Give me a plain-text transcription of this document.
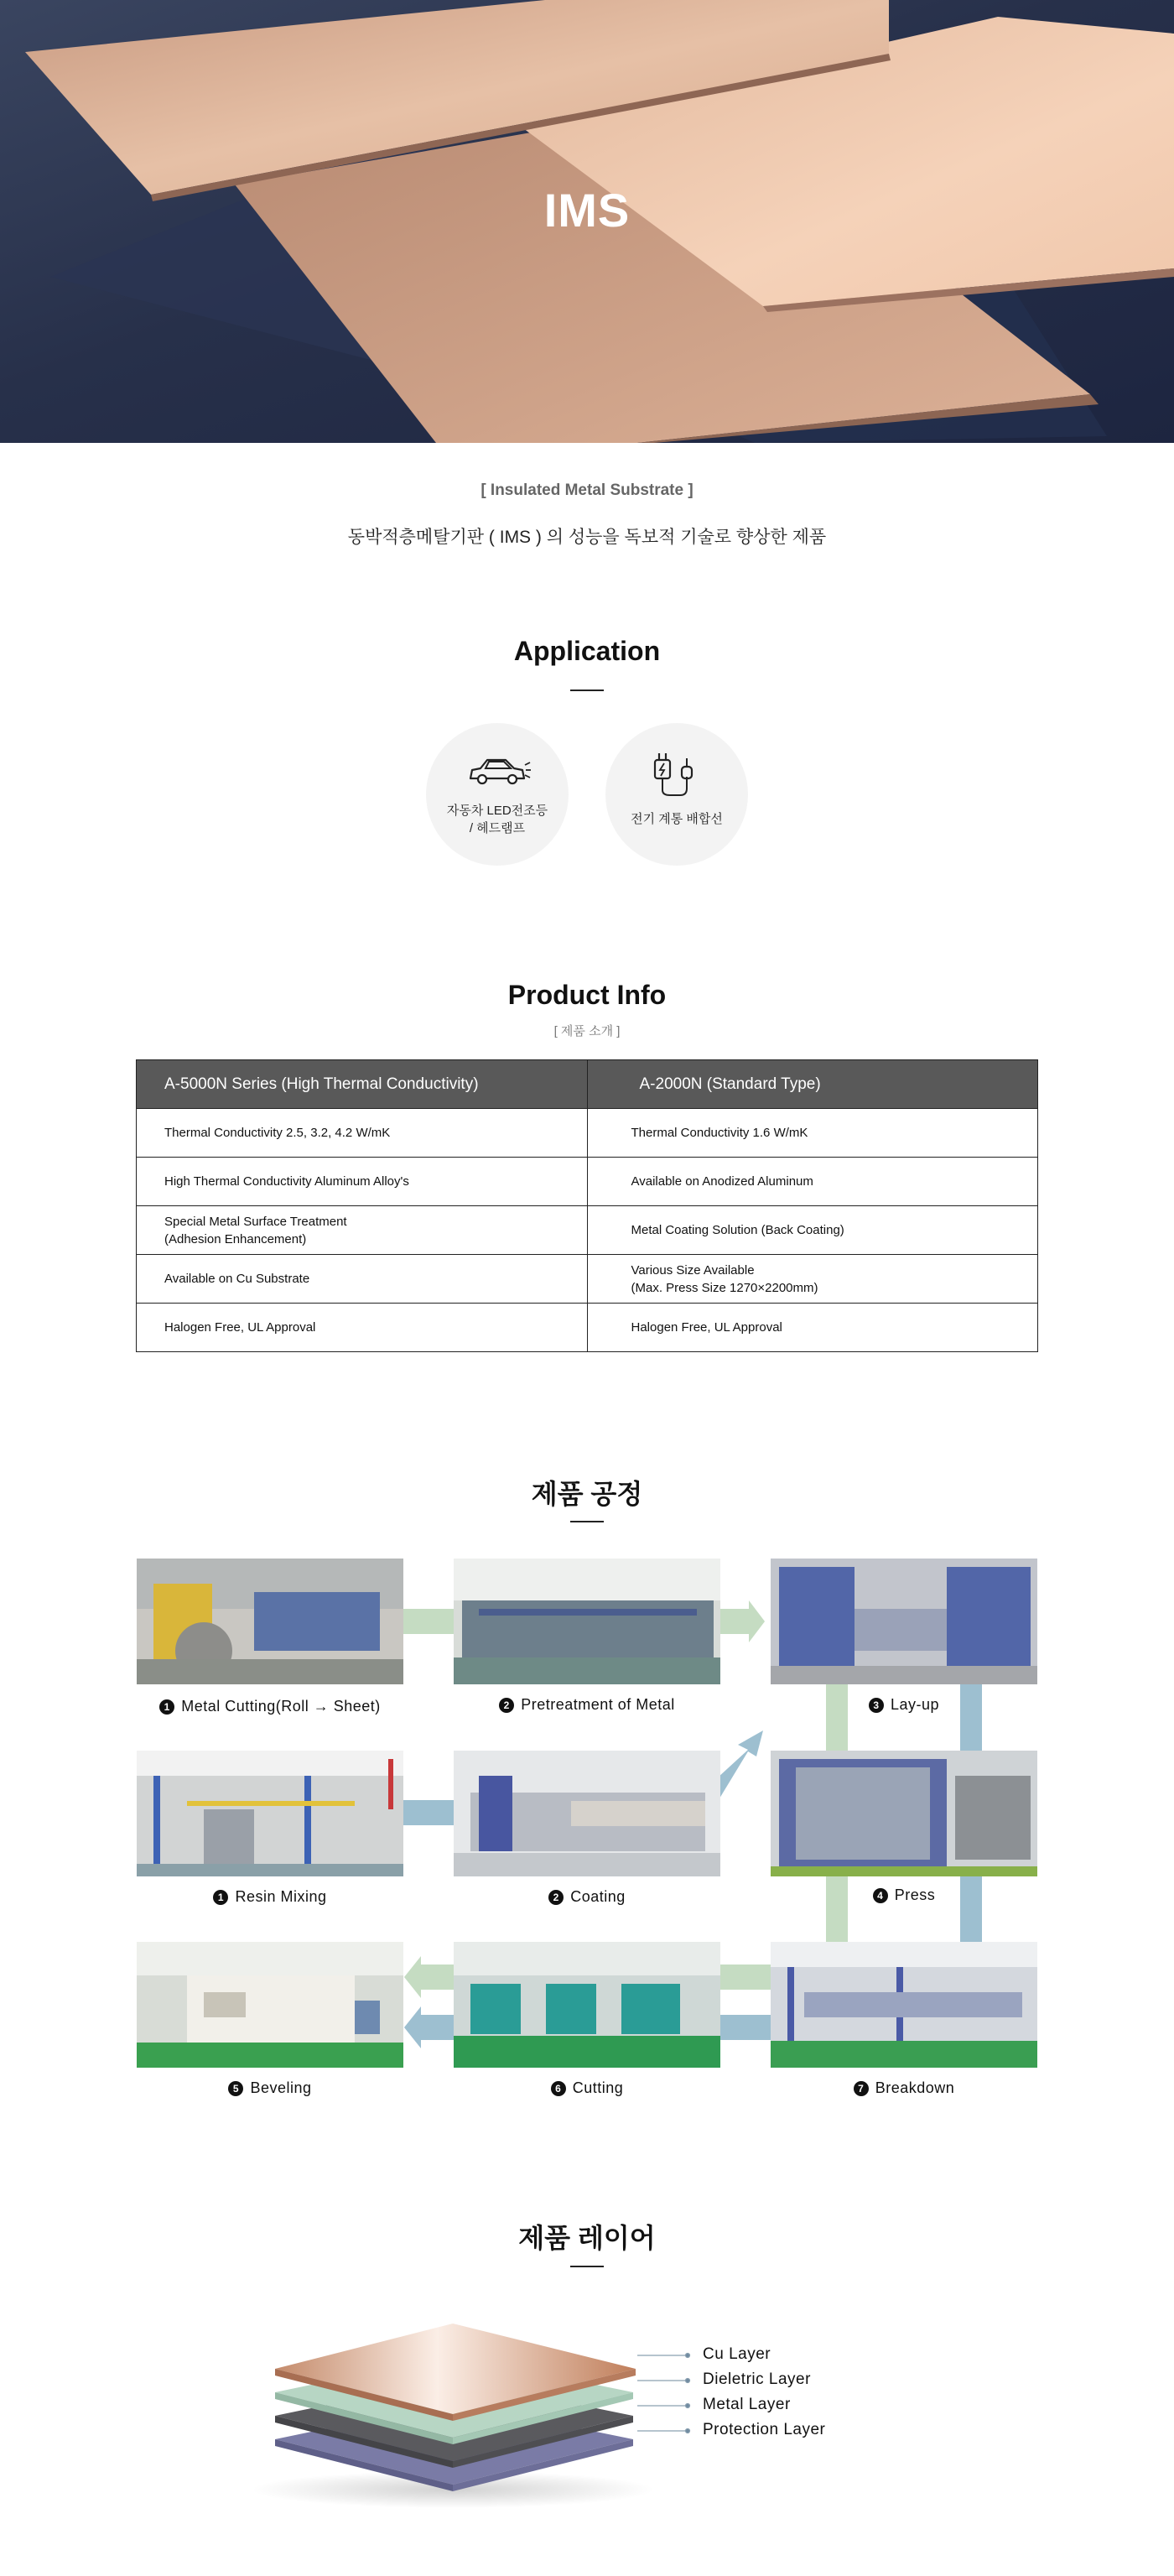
IMS
[ Insulated Metal Substrate ]
동박적층메탈기판 ( IMS ) 의 성능을 독보적 기술로 향상한 제품
Application
자동차 LED전조등
/ 헤드램프
전기 계통 배합선
Product Info
[ 제품 소개 ]
A-5000N Series (High Thermal Conductivity)	A-2000N (Standard Type)

Thermal Conductivity 2.5, 3.2, 4.2 W/mK	Thermal Conductivity 1.6 W/mK

High Thermal Conductivity Aluminum Alloy's	Available on Anodized Aluminum

Special Metal Surface Treatment
(Adhesion Enhancement)	Metal Coating Solution (Back Coating)

Available on Cu Substrate	Various Size Available
(Max. Press Size 1270×2200mm)

Halogen Free, UL Approval	Halogen Free, UL Approval
제품 공정
1 Metal Cutting(Roll → Sheet)	2 Pretreatment of Metal	3 Lay-up
1 Resin Mixing	2 Coating	4 Press
5 Beveling	6 Cutting	7 Breakdown
제품 레이어
Cu Layer
Dieletric Layer
Metal Layer
Protection Layer
